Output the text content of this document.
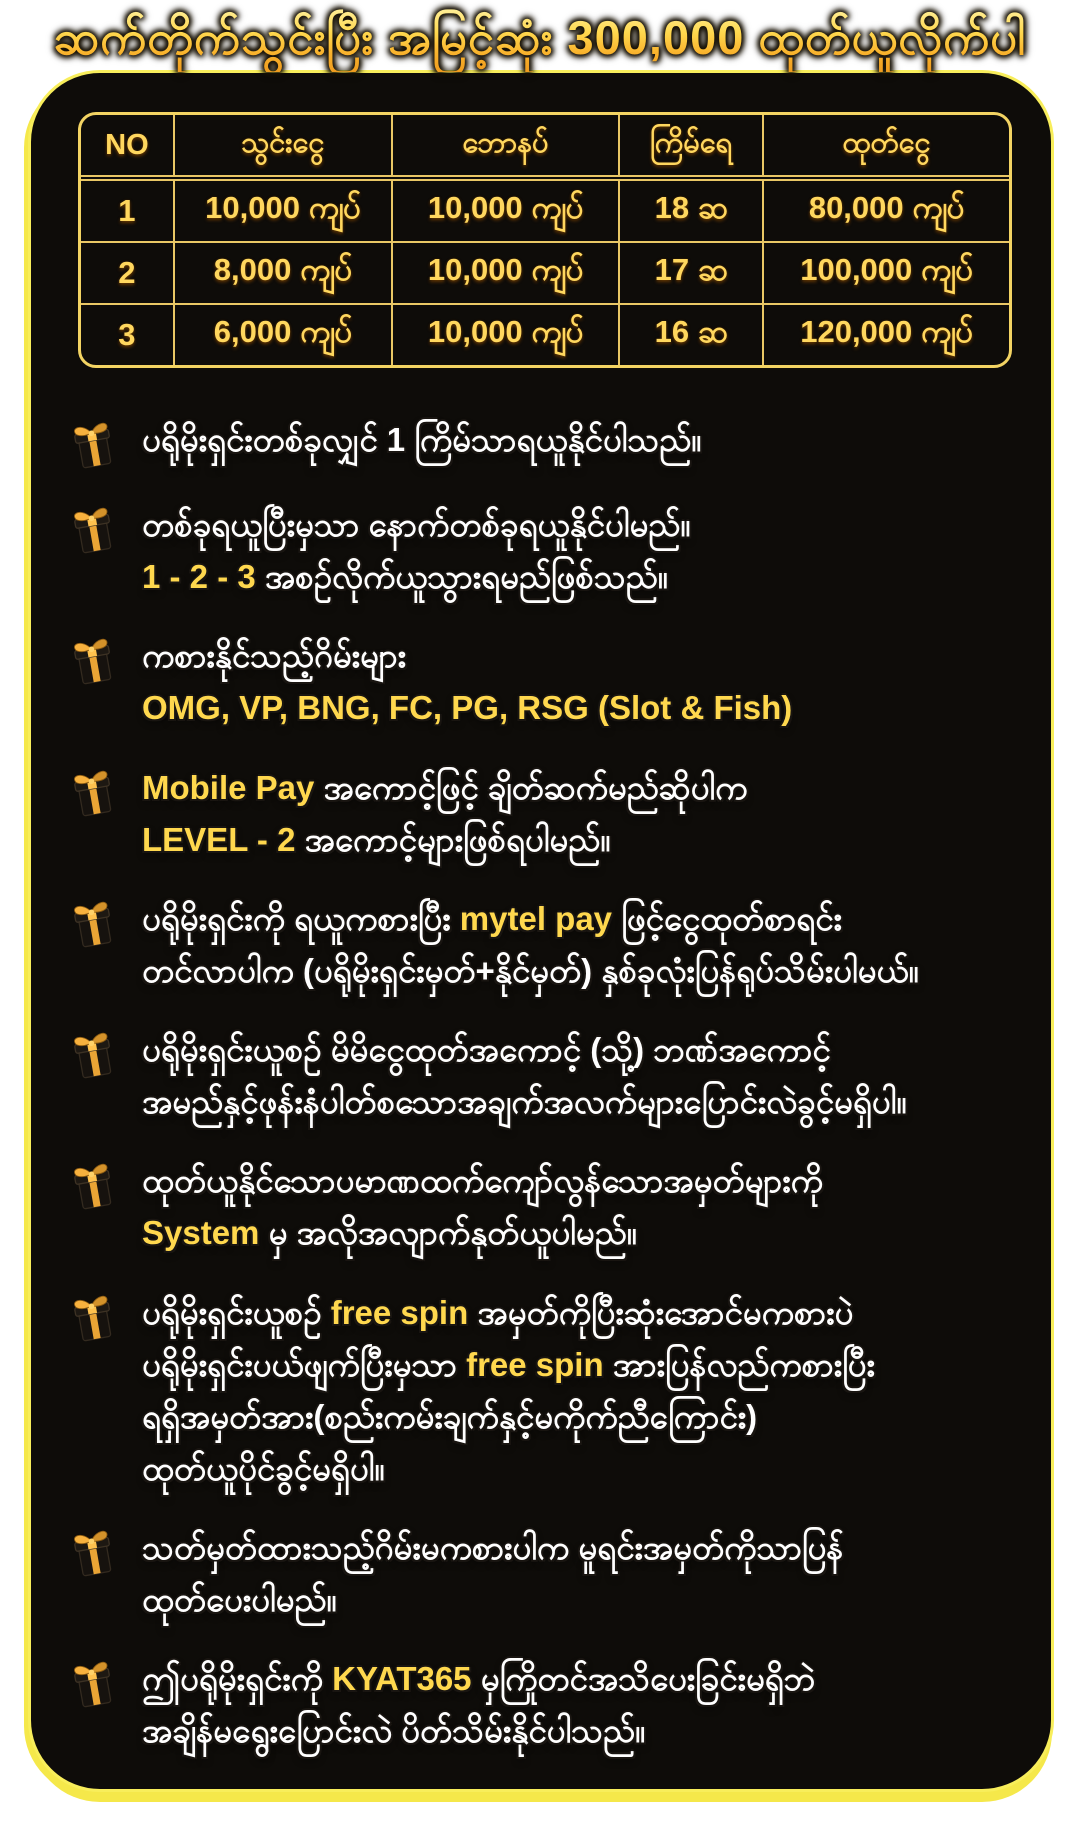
ဆက်တိုက်သွင်းပြီး အမြင့်ဆုံး 300,000 ထုတ်ယူလိုက်ပါ
NO	သွင်းငွေ	ဘောနပ်	ကြိမ်ရေ	ထုတ်ငွေ
1	10,000 ကျပ်	10,000 ကျပ်	18 ဆ	80,000 ကျပ်
2	8,000 ကျပ်	10,000 ကျပ်	17 ဆ	100,000 ကျပ်
3	6,000 ကျပ်	10,000 ကျပ်	16 ဆ	120,000 ကျပ်
ပရိုမိုးရှင်းတစ်ခုလျှင် 1 ကြိမ်သာရယူနိုင်ပါသည်။
တစ်ခုရယူပြီးမှသာ နောက်တစ်ခုရယူနိုင်ပါမည်။
1 - 2 - 3 အစဉ်လိုက်ယူသွားရမည်ဖြစ်သည်။
ကစားနိုင်သည့်ဂိမ်းများ
OMG, VP, BNG, FC, PG, RSG (Slot & Fish)
Mobile Pay အကောင့်ဖြင့် ချိတ်ဆက်မည်ဆိုပါက
LEVEL - 2 အကောင့်များဖြစ်ရပါမည်။
ပရိုမိုးရှင်းကို ရယူကစားပြီး mytel pay ဖြင့်ငွေထုတ်စာရင်း
တင်လာပါက (ပရိုမိုးရှင်းမှတ်+နိုင်မှတ်) နှစ်ခုလုံးပြန်ရုပ်သိမ်းပါမယ်။
ပရိုမိုးရှင်းယူစဉ် မိမိငွေထုတ်အကောင့် (သို့) ဘဏ်အကောင့်
အမည်နှင့်ဖုန်းနံပါတ်စသောအချက်အလက်များပြောင်းလဲခွင့်မရှိပါ။
ထုတ်ယူနိုင်သောပမာဏထက်ကျော်လွန်သောအမှတ်များကို
System မှ အလိုအလျာက်နုတ်ယူပါမည်။
ပရိုမိုးရှင်းယူစဉ် free spin အမှတ်ကိုပြီးဆုံးအောင်မကစားပဲ
ပရိုမိုးရှင်းပယ်ဖျက်ပြီးမှသာ free spin အားပြန်လည်ကစားပြီး
ရရှိအမှတ်အား(စည်းကမ်းချက်နှင့်မကိုက်ညီကြောင်း)
ထုတ်ယူပိုင်ခွင့်မရှိပါ။
သတ်မှတ်ထားသည့်ဂိမ်းမကစားပါက မူရင်းအမှတ်ကိုသာပြန်
ထုတ်ပေးပါမည်။
ဤပရိုမိုးရှင်းကို KYAT365 မှကြိုတင်အသိပေးခြင်းမရှိဘဲ
အချိန်မရွေးပြောင်းလဲ ပိတ်သိမ်းနိုင်ပါသည်။
